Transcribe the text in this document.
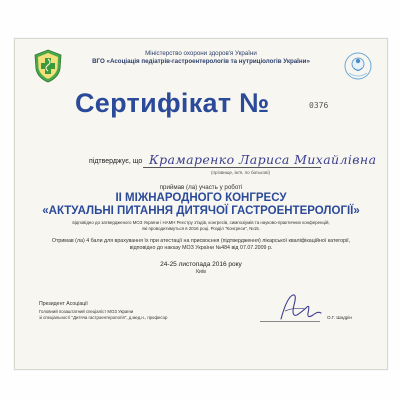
Міністерство охорони здоров'я України
ВГО «Асоціація педіатрів-гастроентерологів та нутриціологів України»
Сертифікат №	0376
підтверджує, що Крамаренко Лариса Михайлівна
(прізвище, ім'я, по батькові)
приймав (ла) участь у роботі
II МІЖНАРОДНОГО КОНГРЕСУ
«АКТУАЛЬНІ ПИТАННЯ ДИТЯЧОЇ ГАСТРОЕНТЕРОЛОГІЇ»
відповідно до затвердженого МОЗ України і НАМН Реєстру з'їздів, конгресів, симпозіумів та науково-практичних конференцій,
які проводитимуться в 2016 році. Розділ "Конгреси", №15.
Отримав (ла) 4 бали для врахування їх при атестації на присвоєння (підтвердження) лікарської кваліфікаційної категорії,
відповідно до наказу МОЗ України №484 від 07.07.2009 р.
24-25 листопада 2016 року
Київ
Президент Асоціації
Головний позаштатний спеціаліст МОЗ України
зі спеціальності "Дитяча гастроентерологія", д.мед.н., професор	О.Г. Шадрін
